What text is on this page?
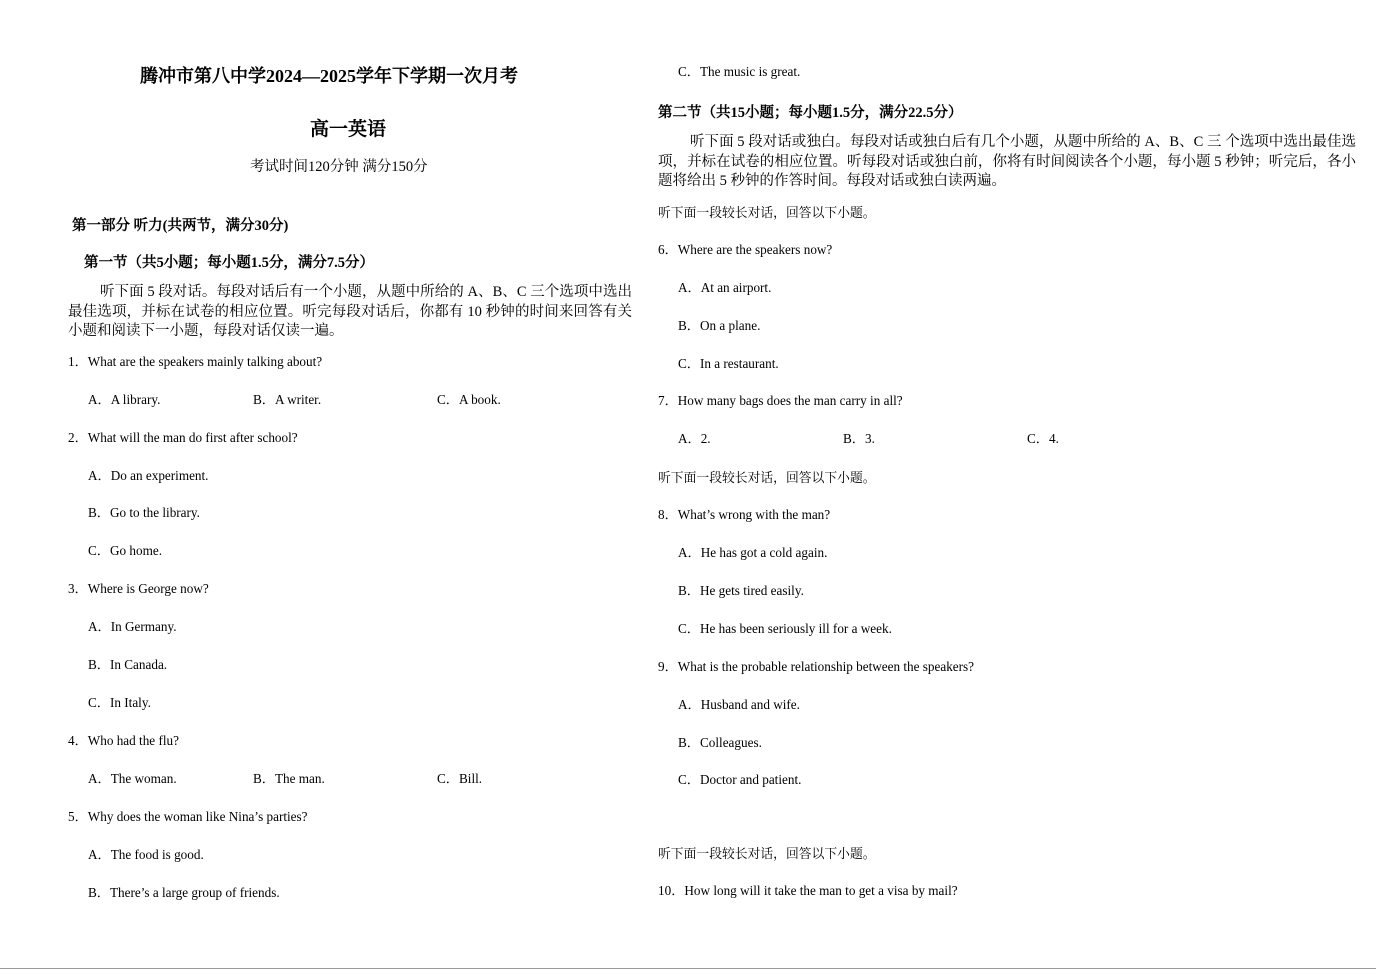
腾冲市第八中学2024—2025学年下学期一次月考
高一英语
考试时间120分钟 满分150分
第一部分 听力(共两节，满分30分)
第一节（共5小题；每小题1.5分，满分7.5分）
听下面 5 段对话。每段对话后有一个小题，从题中所给的 A、B、C 三个选项中选出最佳选项，并标在试卷的相应位置。听完每段对话后，你都有 10 秒钟的时间来回答有关小题和阅读下一小题，每段对话仅读一遍。
1．What are the speakers mainly talking about?
A．A library.	B．A writer.	C．A book.
2．What will the man do first after school?
A．Do an experiment.
B．Go to the library.
C．Go home.
3．Where is George now?
A．In Germany.
B．In Canada.
C．In Italy.
4．Who had the flu?
A．The woman.	B．The man.	C．Bill.
5．Why does the woman like Nina’s parties?
A．The food is good.
B．There’s a large group of friends.
C．The music is great.
第二节（共15小题；每小题1.5分，满分22.5分）
听下面 5 段对话或独白。每段对话或独白后有几个小题，从题中所给的 A、B、C 三 个选项中选出最佳选项，并标在试卷的相应位置。听每段对话或独白前，你将有时间阅读各个小题，每小题 5 秒钟；听完后，各小题将给出 5 秒钟的作答时间。每段对话或独白读两遍。
听下面一段较长对话，回答以下小题。
6．Where are the speakers now?
A．At an airport.
B．On a plane.
C．In a restaurant.
7．How many bags does the man carry in all?
A．2.	B．3.	C．4.
听下面一段较长对话，回答以下小题。
8．What’s wrong with the man?
A．He has got a cold again.
B．He gets tired easily.
C．He has been seriously ill for a week.
9．What is the probable relationship between the speakers?
A．Husband and wife.
B．Colleagues.
C．Doctor and patient.
听下面一段较长对话，回答以下小题。
10．How long will it take the man to get a visa by mail?
